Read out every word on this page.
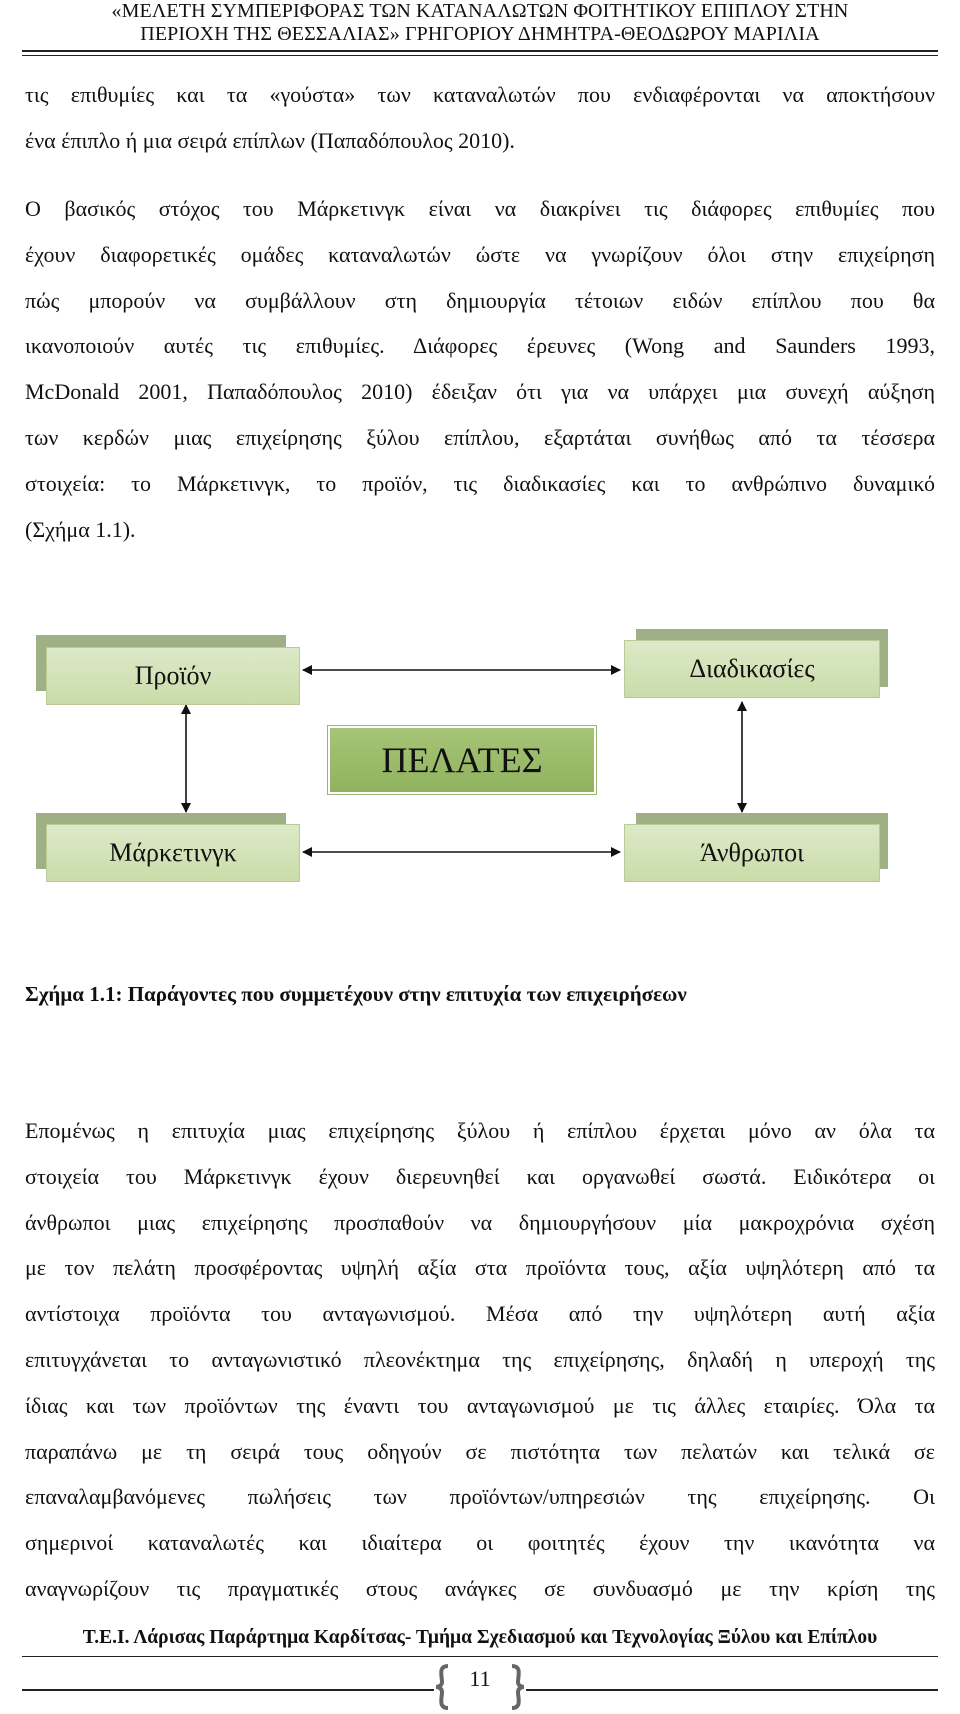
«ΜΕΛΕΤΗ ΣΥΜΠΕΡΙΦΟΡΑΣ ΤΩΝ ΚΑΤΑΝΑΛΩΤΩΝ ΦΟΙΤΗΤΙΚΟΥ ΕΠΙΠΛΟΥ ΣΤΗΝ
ΠΕΡΙΟΧΗ ΤΗΣ ΘΕΣΣΑΛΙΑΣ» ΓΡΗΓΟΡΙΟΥ ΔΗΜΗΤΡΑ-ΘΕΟΔΩΡΟΥ ΜΑΡΙΛΙΑ
τις επιθυμίες και τα «γούστα» των καταναλωτών που ενδιαφέρονται να αποκτήσουν
ένα έπιπλο ή μια σειρά επίπλων (Παπαδόπουλος 2010).
Ο βασικός στόχος του Μάρκετινγκ είναι να διακρίνει τις διάφορες επιθυμίες που
έχουν διαφορετικές ομάδες καταναλωτών ώστε να γνωρίζουν όλοι στην επιχείρηση
πώς μπορούν να συμβάλλουν στη δημιουργία τέτοιων ειδών επίπλου που θα
ικανοποιούν αυτές τις επιθυμίες. Διάφορες έρευνες (Wong and Saunders 1993,
McDonald 2001, Παπαδόπουλος 2010) έδειξαν ότι για να υπάρχει μια συνεχή αύξηση
των κερδών μιας επιχείρησης ξύλου επίπλου, εξαρτάται συνήθως από τα τέσσερα
στοιχεία: το Μάρκετινγκ, το προϊόν, τις διαδικασίες και το ανθρώπινο δυναμικό
(Σχήμα 1.1).
Προϊόν	Διαδικασίες
ΠΕΛΑΤΕΣ
Μάρκετινγκ	Άνθρωποι

Σχήμα 1.1: Παράγοντες που συμμετέχουν στην επιτυχία των επιχειρήσεων

Επομένως η επιτυχία μιας επιχείρησης ξύλου ή επίπλου έρχεται μόνο αν όλα τα
στοιχεία του Μάρκετινγκ έχουν διερευνηθεί και οργανωθεί σωστά. Ειδικότερα οι
άνθρωποι μιας επιχείρησης προσπαθούν να δημιουργήσουν μία μακροχρόνια σχέση
με τον πελάτη προσφέροντας υψηλή αξία στα προϊόντα τους, αξία υψηλότερη από τα
αντίστοιχα προϊόντα του ανταγωνισμού. Μέσα από την υψηλότερη αυτή αξία
επιτυγχάνεται το ανταγωνιστικό πλεονέκτημα της επιχείρησης, δηλαδή η υπεροχή της
ίδιας και των προϊόντων της έναντι του ανταγωνισμού με τις άλλες εταιρίες. Όλα τα
παραπάνω με τη σειρά τους οδηγούν σε πιστότητα των πελατών και τελικά σε
επαναλαμβανόμενες πωλήσεις των προϊόντων/υπηρεσιών της επιχείρησης. Οι
σημερινοί καταναλωτές και ιδιαίτερα οι φοιτητές έχουν την ικανότητα να
αναγνωρίζουν τις πραγματικές στους ανάγκες σε συνδυασμό με την κρίση της
Τ.Ε.Ι. Λάρισας Παράρτημα Καρδίτσας- Τμήμα Σχεδιασμού και Τεχνολογίας Ξύλου και Επίπλου
11
